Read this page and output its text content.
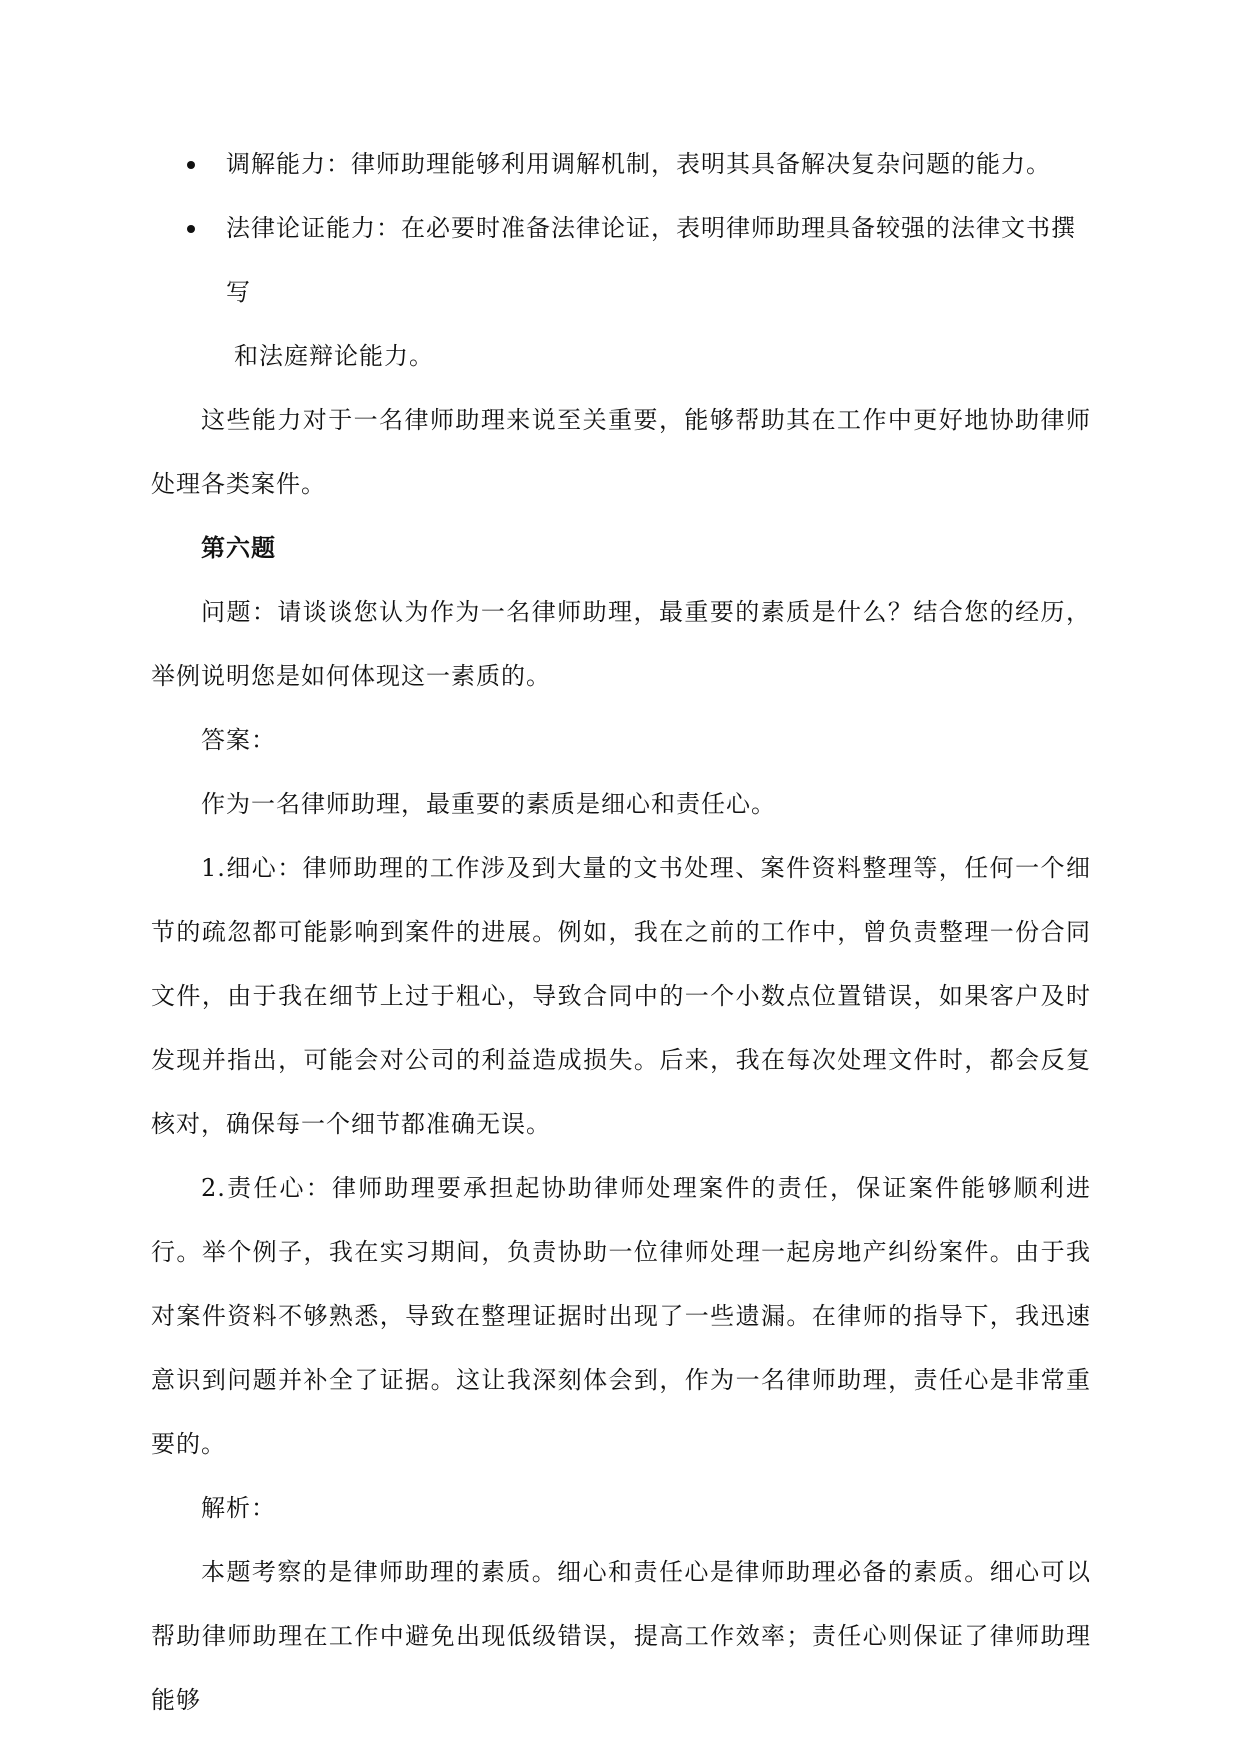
调解能力：律师助理能够利用调解机制，表明其具备解决复杂问题的能力。
法律论证能力：在必要时准备法律论证，表明律师助理具备较强的法律文书撰写
和法庭辩论能力。

这些能力对于一名律师助理来说至关重要，能够帮助其在工作中更好地协助律师处理各类案件。

第六题

问题：请谈谈您认为作为一名律师助理，最重要的素质是什么？结合您的经历，举例说明您是如何体现这一素质的。

答案：

作为一名律师助理，最重要的素质是细心和责任心。

1.细心：律师助理的工作涉及到大量的文书处理、案件资料整理等，任何一个细节的疏忽都可能影响到案件的进展。例如，我在之前的工作中，曾负责整理一份合同文件，由于我在细节上过于粗心，导致合同中的一个小数点位置错误，如果客户及时发现并指出，可能会对公司的利益造成损失。后来，我在每次处理文件时，都会反复核对，确保每一个细节都准确无误。

2.责任心：律师助理要承担起协助律师处理案件的责任，保证案件能够顺利进行。举个例子，我在实习期间，负责协助一位律师处理一起房地产纠纷案件。由于我对案件资料不够熟悉，导致在整理证据时出现了一些遗漏。在律师的指导下，我迅速意识到问题并补全了证据。这让我深刻体会到，作为一名律师助理，责任心是非常重要的。

解析：

本题考察的是律师助理的素质。细心和责任心是律师助理必备的素质。细心可以帮助律师助理在工作中避免出现低级错误，提高工作效率；责任心则保证了律师助理能够
